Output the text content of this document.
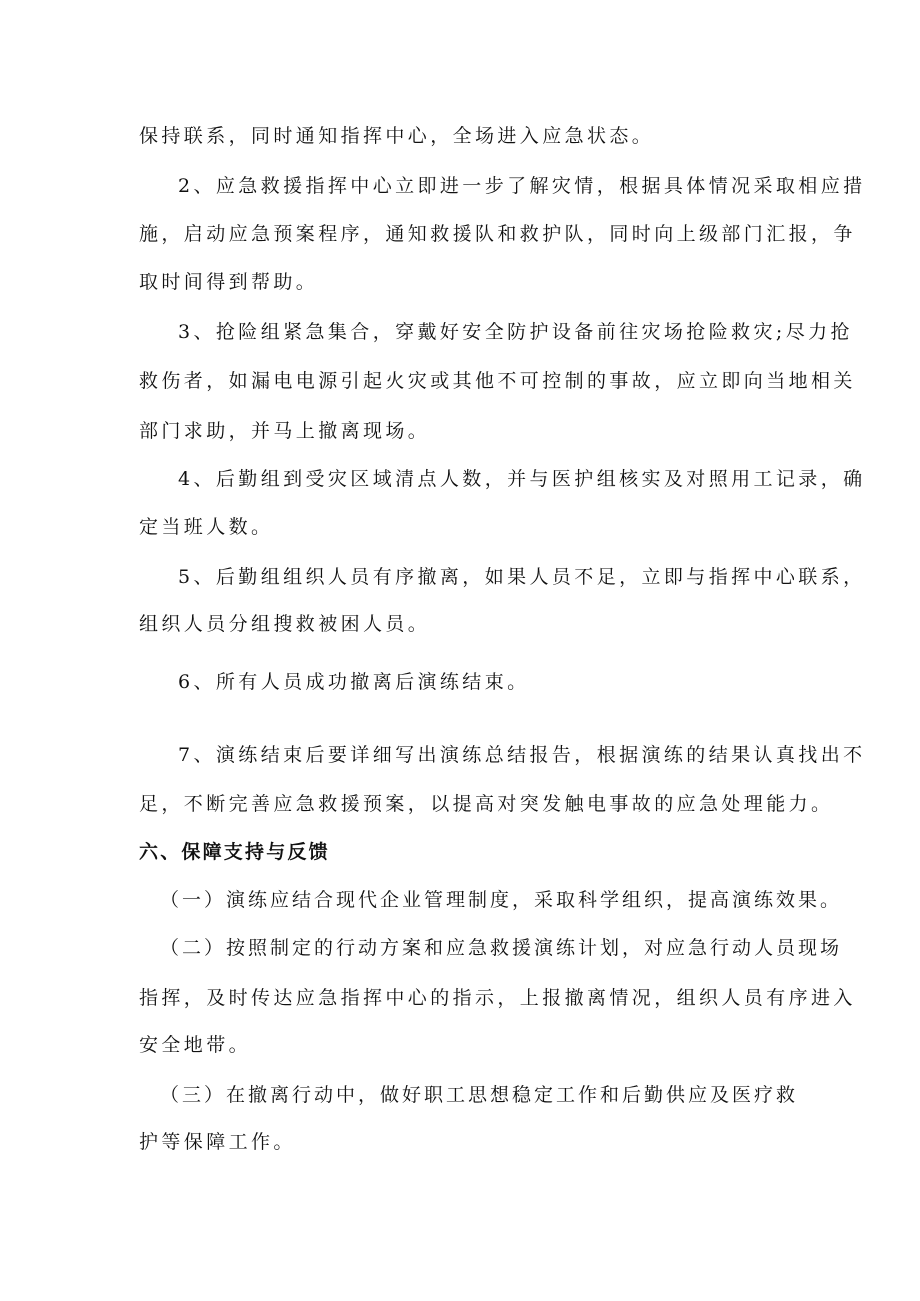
保持联系，同时通知指挥中心，全场进入应急状态。
2、应急救援指挥中心立即进一步了解灾情，根据具体情况采取相应措
施，启动应急预案程序，通知救援队和救护队，同时向上级部门汇报，争
取时间得到帮助。
3、抢险组紧急集合，穿戴好安全防护设备前往灾场抢险救灾;尽力抢
救伤者，如漏电电源引起火灾或其他不可控制的事故，应立即向当地相关
部门求助，并马上撤离现场。
4、后勤组到受灾区域清点人数，并与医护组核实及对照用工记录，确
定当班人数。
5、后勤组组织人员有序撤离，如果人员不足，立即与指挥中心联系，
组织人员分组搜救被困人员。
6、所有人员成功撤离后演练结束。
7、演练结束后要详细写出演练总结报告，根据演练的结果认真找出不
足，不断完善应急救援预案，以提高对突发触电事故的应急处理能力。
六、保障支持与反馈
（一）演练应结合现代企业管理制度，采取科学组织，提高演练效果。
（二）按照制定的行动方案和应急救援演练计划，对应急行动人员现场
指挥，及时传达应急指挥中心的指示，上报撤离情况，组织人员有序进入
安全地带。
（三）在撤离行动中，做好职工思想稳定工作和后勤供应及医疗救
护等保障工作。
